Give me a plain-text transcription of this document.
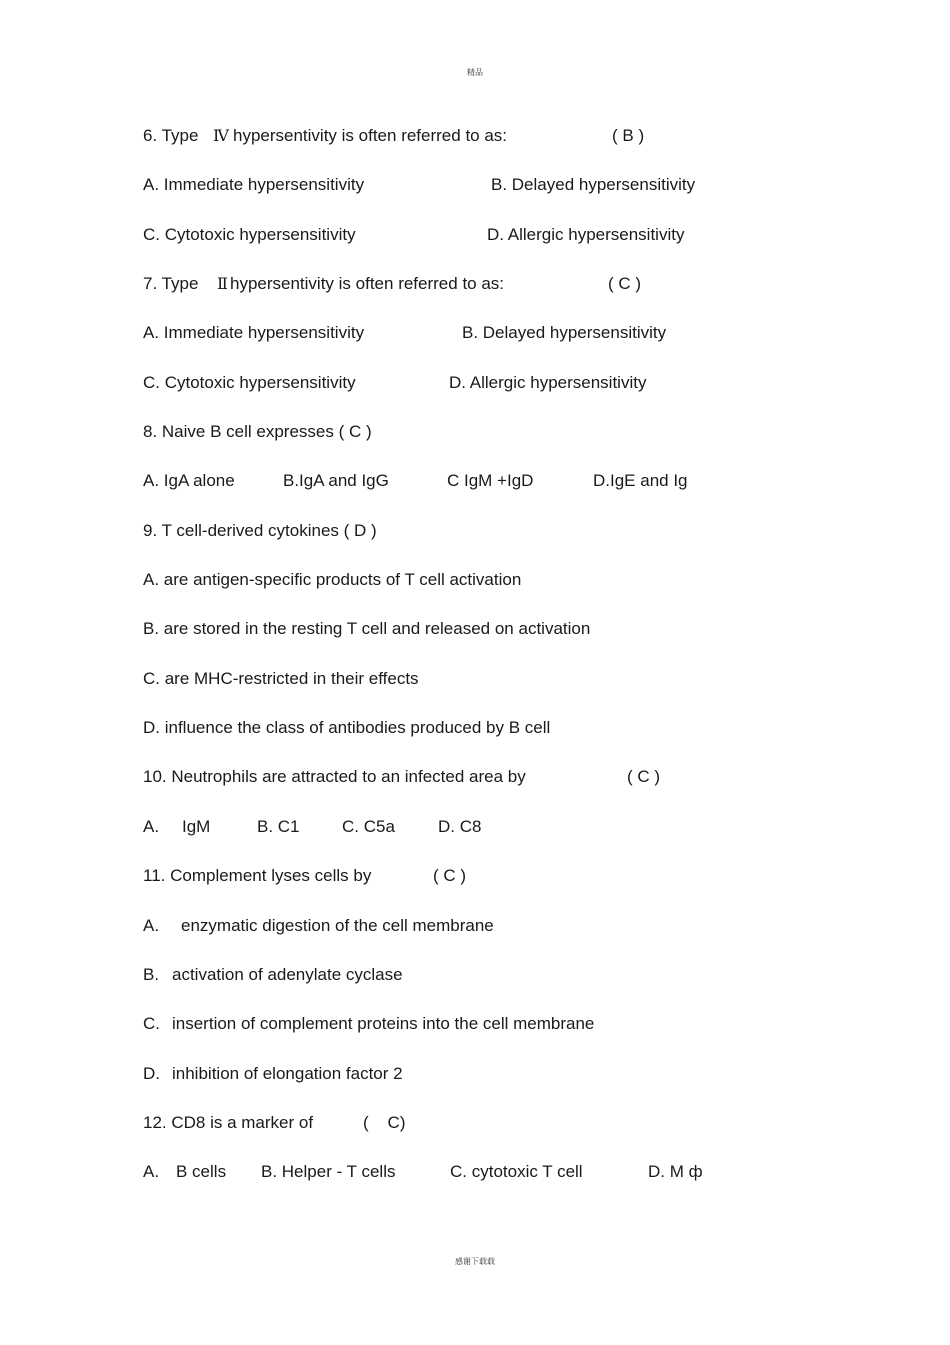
精品
6. Type Ⅳ hypersentivity is often referred to as:	( B )
A. Immediate hypersensitivity	B. Delayed hypersensitivity
C. Cytotoxic hypersensitivity	D. Allergic hypersensitivity
7. Type Ⅱ hypersentivity is often referred to as:	( C )
A. Immediate hypersensitivity	B. Delayed hypersensitivity
C. Cytotoxic hypersensitivity	D. Allergic hypersensitivity
8. Naive B cell expresses ( C )
A. IgA alone	B.IgA and IgG	C IgM +IgD	D.IgE and Ig
9. T cell-derived cytokines ( D )
A. are antigen-specific products of T cell activation
B. are stored in the resting T cell and released on activation
C. are MHC-restricted in their effects
D. influence the class of antibodies produced by B cell
10. Neutrophils are attracted to an infected area by	( C )
A. IgM	B. C1 C. C5a	D. C8
11. Complement lyses cells by	( C )
A. enzymatic digestion of the cell membrane
B. activation of adenylate cyclase
C. insertion of complement proteins into the cell membrane
D. inhibition of elongation factor 2
12. CD8 is a marker of	(    C)
A. B cells B. Helper - T cells	C. cytotoxic T cell	D. M ф
感谢下载载
